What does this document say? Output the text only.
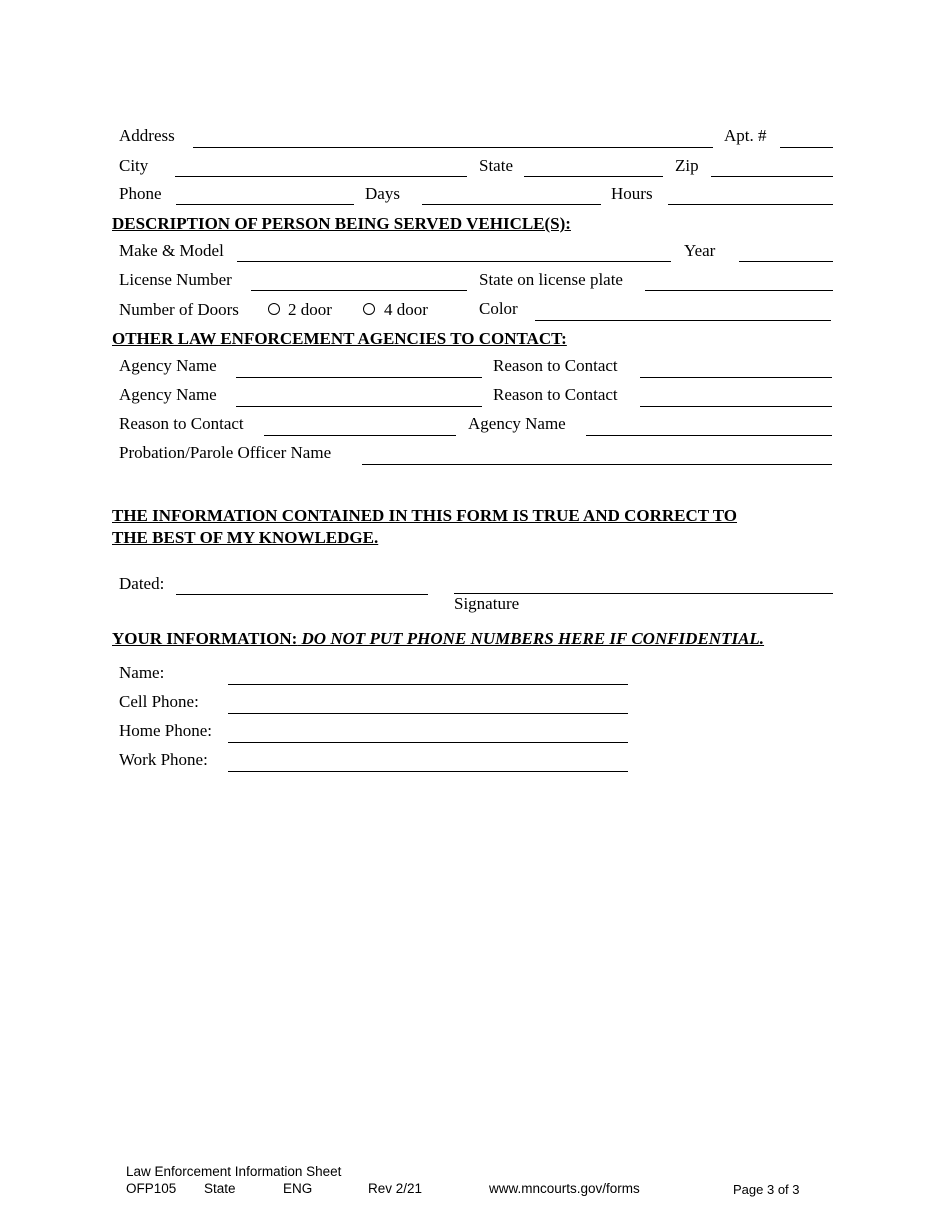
Address	Apt. #
City	State	Zip
Phone	Days	Hours
DESCRIPTION OF PERSON BEING SERVED VEHICLE(S):
Make & Model	Year
License Number	State on license plate
Number of Doors	2 door	4 door	Color
OTHER LAW ENFORCEMENT AGENCIES TO CONTACT:
Agency Name	Reason to Contact
Agency Name	Reason to Contact
Reason to Contact	Agency Name
Probation/Parole Officer Name
THE INFORMATION CONTAINED IN THIS FORM IS TRUE AND CORRECT TO
THE BEST OF MY KNOWLEDGE.
Dated:
Signature
YOUR INFORMATION: DO NOT PUT PHONE NUMBERS HERE IF CONFIDENTIAL.
Name:
Cell Phone:
Home Phone:
Work Phone:
Law Enforcement Information Sheet
OFP105 State	ENG	Rev 2/21	www.mncourts.gov/forms	Page 3 of 3
